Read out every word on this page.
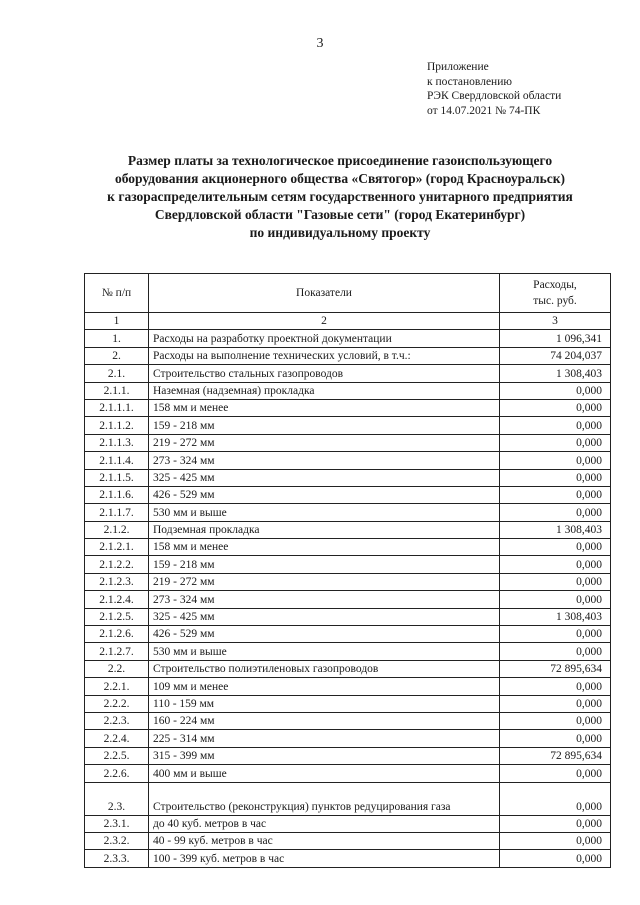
3
Приложение
к постановлению
РЭК Свердловской области
от 14.07.2021 № 74-ПК
Размер платы за технологическое присоединение газоиспользующего
оборудования акционерного общества «Святогор» (город Красноуральск)
к газораспределительным сетям государственного унитарного предприятия
Свердловской области "Газовые сети" (город Екатеринбург)
по индивидуальному проекту
№ п/п	Показатели	Расходы,
тыс. руб.

1	2	3
1.	Расходы на разработку проектной документации	1 096,341
2.	Расходы на выполнение технических условий, в т.ч.:	74 204,037
2.1.	Строительство стальных газопроводов	1 308,403
2.1.1.	Наземная (надземная) прокладка	0,000
2.1.1.1.	158 мм и менее	0,000
2.1.1.2.	159 - 218 мм	0,000
2.1.1.3.	219 - 272 мм	0,000
2.1.1.4.	273 - 324 мм	0,000
2.1.1.5.	325 - 425 мм	0,000
2.1.1.6.	426 - 529 мм	0,000
2.1.1.7.	530 мм и выше	0,000
2.1.2.	Подземная прокладка	1 308,403
2.1.2.1.	158 мм и менее	0,000
2.1.2.2.	159 - 218 мм	0,000
2.1.2.3.	219 - 272 мм	0,000
2.1.2.4.	273 - 324 мм	0,000
2.1.2.5.	325 - 425 мм	1 308,403
2.1.2.6.	426 - 529 мм	0,000
2.1.2.7.	530 мм и выше	0,000
2.2.	Строительство полиэтиленовых газопроводов	72 895,634
2.2.1.	109 мм и менее	0,000
2.2.2.	110 - 159 мм	0,000
2.2.3.	160 - 224 мм	0,000
2.2.4.	225 - 314 мм	0,000
2.2.5.	315 - 399 мм	72 895,634
2.2.6.	400 мм и выше	0,000
2.3.	Строительство (реконструкция) пунктов редуцирования газа	0,000
2.3.1.	до 40 куб. метров в час	0,000
2.3.2.	40 - 99 куб. метров в час	0,000
2.3.3.	100 - 399 куб. метров в час	0,000
